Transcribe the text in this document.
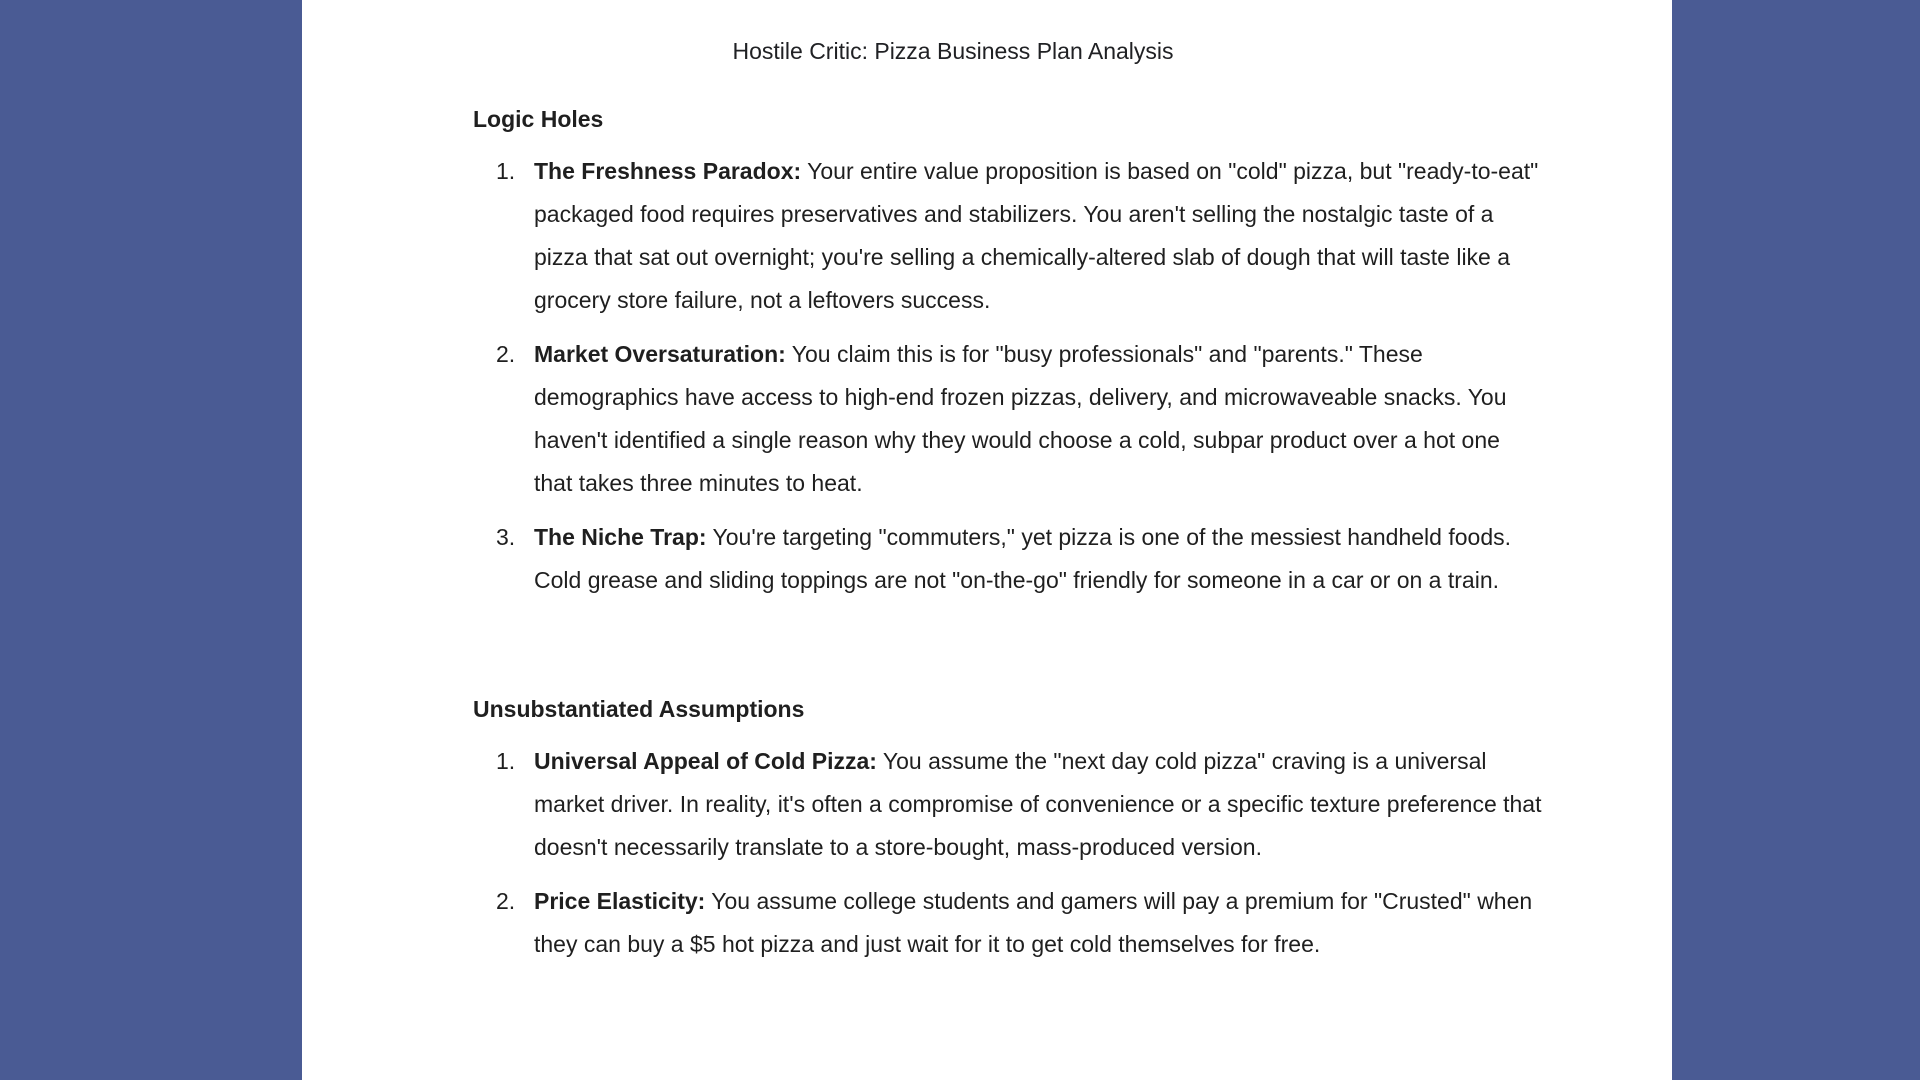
Hostile Critic: Pizza Business Plan Analysis
Logic Holes
1. The Freshness Paradox: Your entire value proposition is based on "cold" pizza, but "ready-to-eat" packaged food requires preservatives and stabilizers. You aren't selling the nostalgic taste of a pizza that sat out overnight; you're selling a chemically-altered slab of dough that will taste like a grocery store failure, not a leftovers success.
2. Market Oversaturation: You claim this is for "busy professionals" and "parents." These demographics have access to high-end frozen pizzas, delivery, and microwaveable snacks. You haven't identified a single reason why they would choose a cold, subpar product over a hot one that takes three minutes to heat.
3. The Niche Trap: You're targeting "commuters," yet pizza is one of the messiest handheld foods. Cold grease and sliding toppings are not "on-the-go" friendly for someone in a car or on a train.
Unsubstantiated Assumptions
1. Universal Appeal of Cold Pizza: You assume the "next day cold pizza" craving is a universal market driver. In reality, it's often a compromise of convenience or a specific texture preference that doesn't necessarily translate to a store-bought, mass-produced version.
2. Price Elasticity: You assume college students and gamers will pay a premium for "Crusted" when they can buy a $5 hot pizza and just wait for it to get cold themselves for free.
